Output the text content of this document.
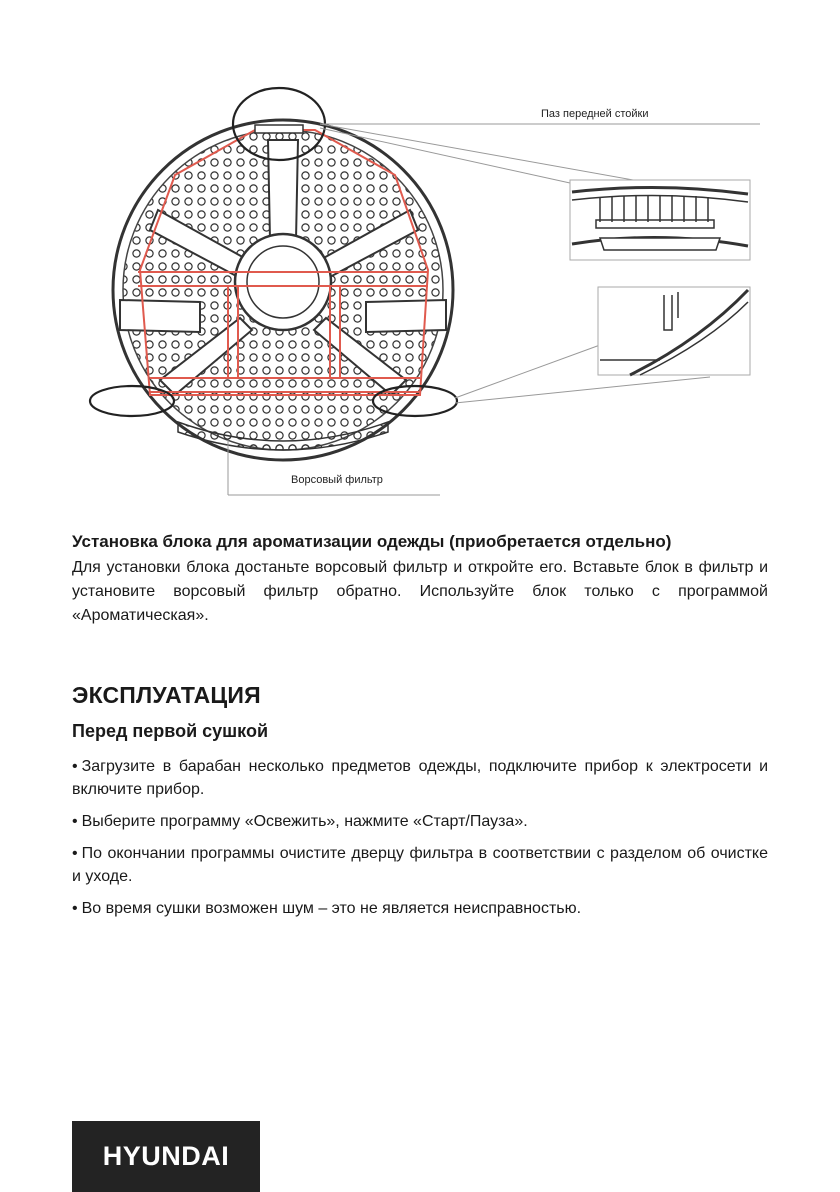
Паз передней стойки
Ворсовый фильтр

Установка блока для ароматизации одежды (приобретается отдельно)

Для установки блока достаньте ворсовый фильтр и откройте его. Вставьте блок в фильтр и установите ворсовый фильтр обратно. Используйте блок только с программой «Ароматическая».

ЭКСПЛУАТАЦИЯ
Перед первой сушкой
• Загрузите в барабан несколько предметов одежды, подключите прибор к электросети и включите прибор.
• Выберите программу «Освежить», нажмите «Старт/Пауза».
• По окончании программы очистите дверцу фильтра в соответствии с разделом об очистке и уходе.
• Во время сушки возможен шум – это не является неисправностью.
HYUNDAI
